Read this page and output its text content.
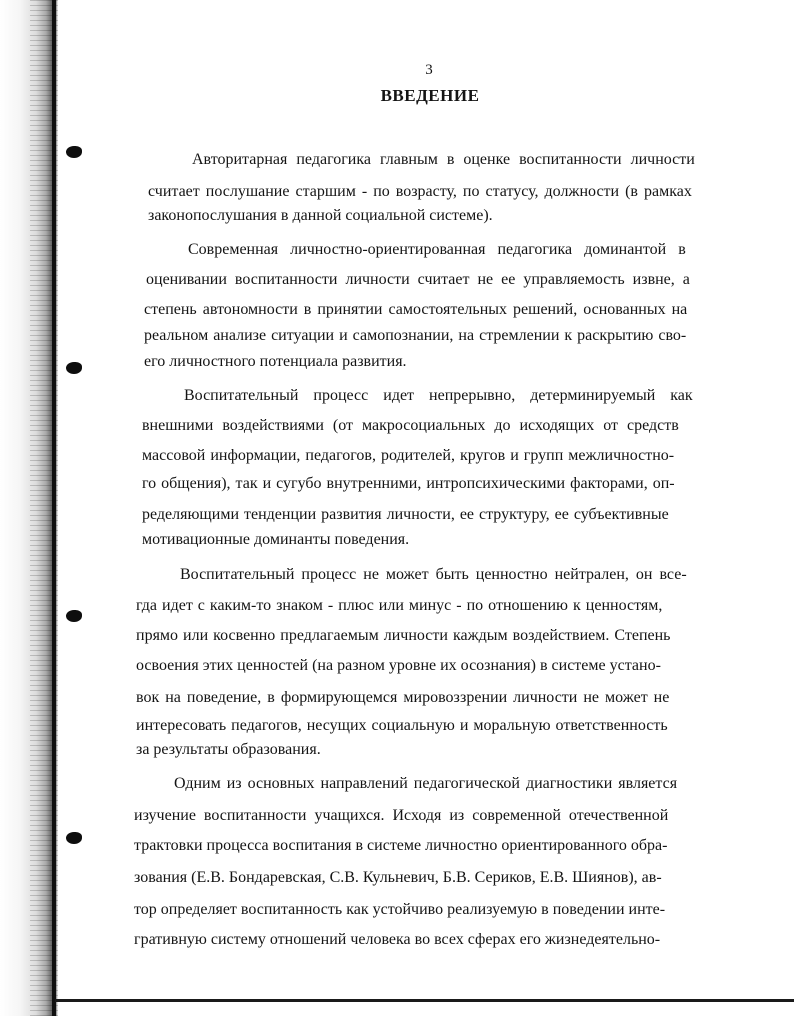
3
ВВЕДЕНИЕ
Авторитарная педагогика главным в оценке воспитанности личности
считает послушание старшим - по возрасту, по статусу, должности (в рамках
законопослушания в данной социальной системе).
Современная личностно-ориентированная педагогика доминантой в
оценивании воспитанности личности считает не ее управляемость извне, а
степень автономности в принятии самостоятельных решений, основанных на
реальном анализе ситуации и самопознании, на стремлении к раскрытию сво-
его личностного потенциала развития.
Воспитательный процесс идет непрерывно, детерминируемый как
внешними воздействиями (от макросоциальных до исходящих от средств
массовой информации, педагогов, родителей, кругов и групп межличностно-
го общения), так и сугубо внутренними, интропсихическими факторами, оп-
ределяющими тенденции развития личности, ее структуру, ее субъективные
мотивационные доминанты поведения.
Воспитательный процесс не может быть ценностно нейтрален, он все-
гда идет с каким-то знаком - плюс или минус - по отношению к ценностям,
прямо или косвенно предлагаемым личности каждым воздействием. Степень
освоения этих ценностей (на разном уровне их осознания) в системе устано-
вок на поведение, в формирующемся мировоззрении личности не может не
интересовать педагогов, несущих социальную и моральную ответственность
за результаты образования.
Одним из основных направлений педагогической диагностики является
изучение воспитанности учащихся. Исходя из современной отечественной
трактовки процесса воспитания в системе личностно ориентированного обра-
зования (Е.В. Бондаревская, С.В. Кульневич, Б.В. Сериков, Е.В. Шиянов), ав-
тор определяет воспитанность как устойчиво реализуемую в поведении инте-
гративную систему отношений человека во всех сферах его жизнедеятельно-
